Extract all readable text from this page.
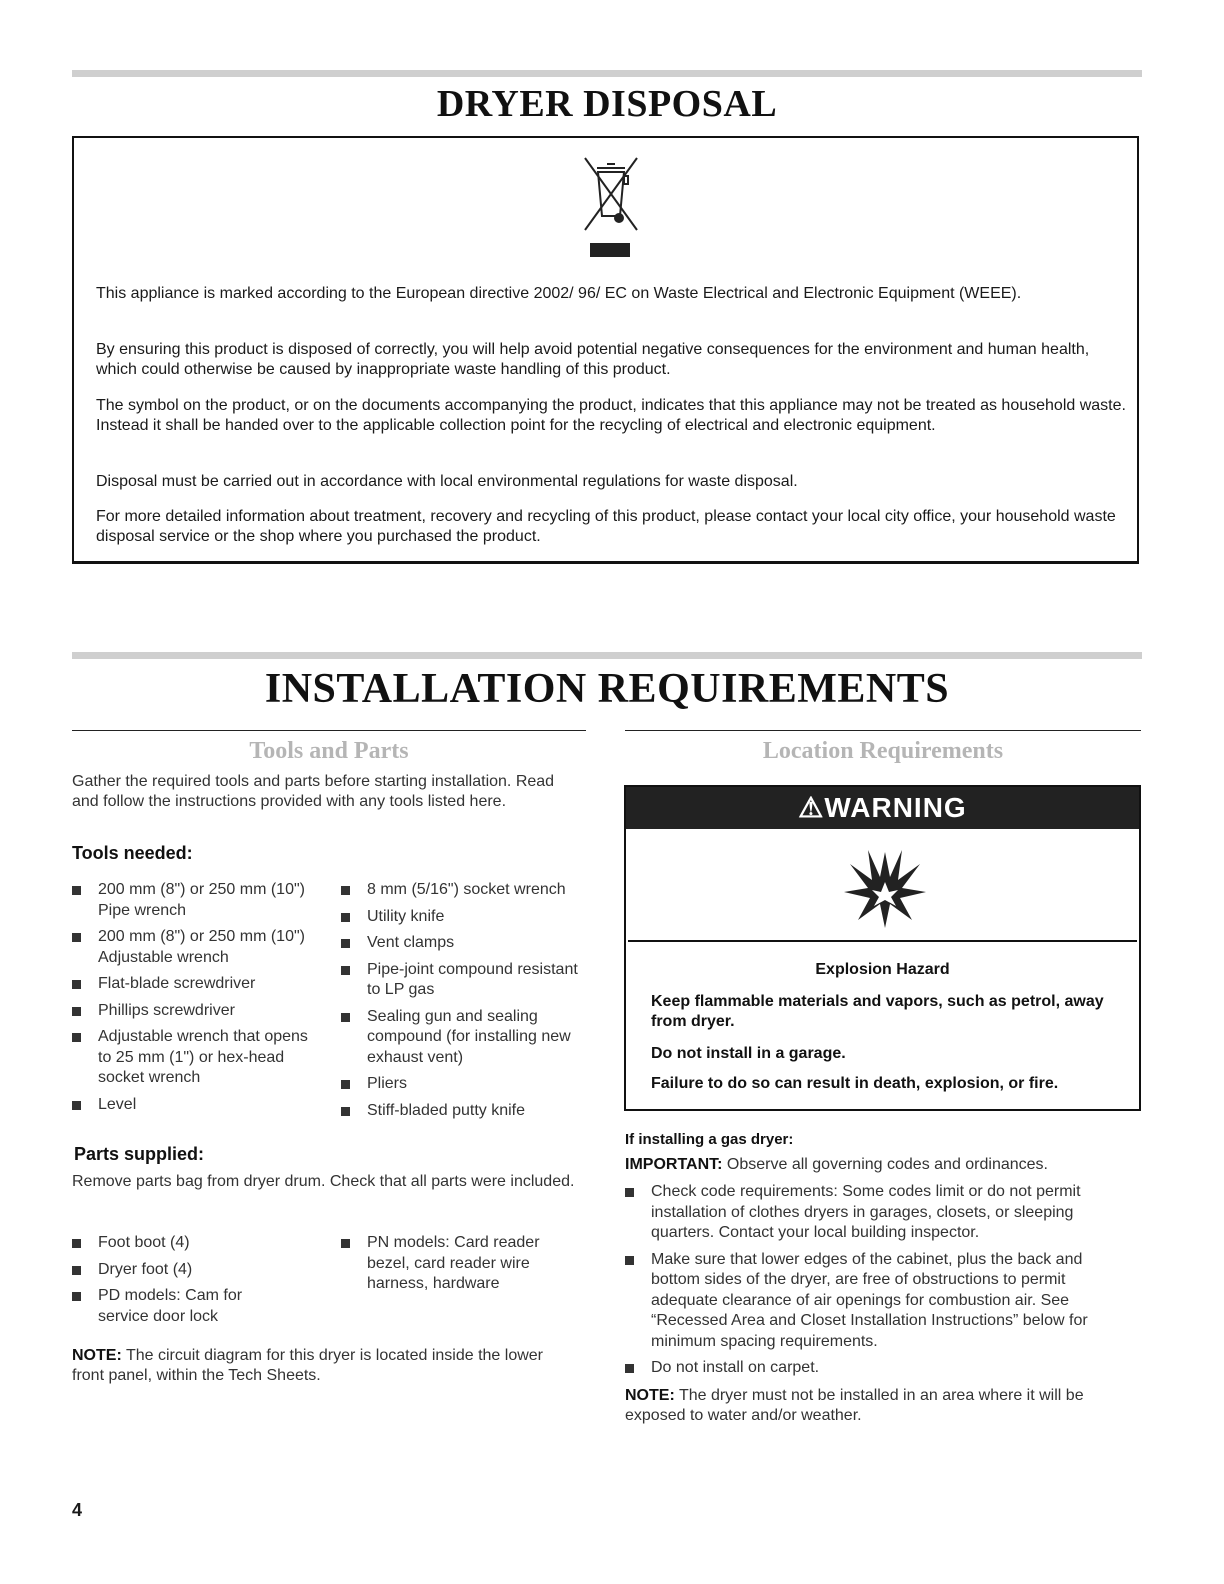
DRYER DISPOSAL

This appliance is marked according to the European directive 2002/ 96/ EC on Waste Electrical and Electronic Equipment (WEEE).

By ensuring this product is disposed of correctly, you will help avoid potential negative consequences for the environment and human health, which could otherwise be caused by inappropriate waste handling of this product.

The symbol on the product, or on the documents accompanying the product, indicates that this appliance may not be treated as household waste. Instead it shall be handed over to the applicable collection point for the recycling of electrical and electronic equipment.

Disposal must be carried out in accordance with local environmental regulations for waste disposal.

For more detailed information about treatment, recovery and recycling of this product, please contact your local city office, your household waste disposal service or the shop where you purchased the product.

INSTALLATION REQUIREMENTS
Tools and Parts

Gather the required tools and parts before starting installation. Read and follow the instructions provided with any tools listed here.

Tools needed:
200 mm (8") or 250 mm (10") Pipe wrench
200 mm (8") or 250 mm (10") Adjustable wrench
Flat-blade screwdriver
Phillips screwdriver
Adjustable wrench that opens to 25 mm (1") or hex-head socket wrench
Level
8 mm (5/16") socket wrench
Utility knife
Vent clamps
Pipe-joint compound resistant to LP gas
Sealing gun and sealing compound (for installing new exhaust vent)
Pliers
Stiff-bladed putty knife
Parts supplied:

Remove parts bag from dryer drum. Check that all parts were included.

Foot boot (4)
Dryer foot (4)
PD models: Cam for service door lock
PN models: Card reader bezel, card reader wire harness, hardware

NOTE: The circuit diagram for this dryer is located inside the lower front panel, within the Tech Sheets.

Location Requirements
⚠WARNING

Explosion Hazard

Keep flammable materials and vapors, such as petrol, away from dryer.

Do not install in a garage.

Failure to do so can result in death, explosion, or fire.

If installing a gas dryer:

IMPORTANT: Observe all governing codes and ordinances.

Check code requirements: Some codes limit or do not permit installation of clothes dryers in garages, closets, or sleeping quarters. Contact your local building inspector.
Make sure that lower edges of the cabinet, plus the back and bottom sides of the dryer, are free of obstructions to permit adequate clearance of air openings for combustion air. See “Recessed Area and Closet Installation Instructions” below for minimum spacing requirements.
Do not install on carpet.

NOTE: The dryer must not be installed in an area where it will be exposed to water and/or weather.

4
